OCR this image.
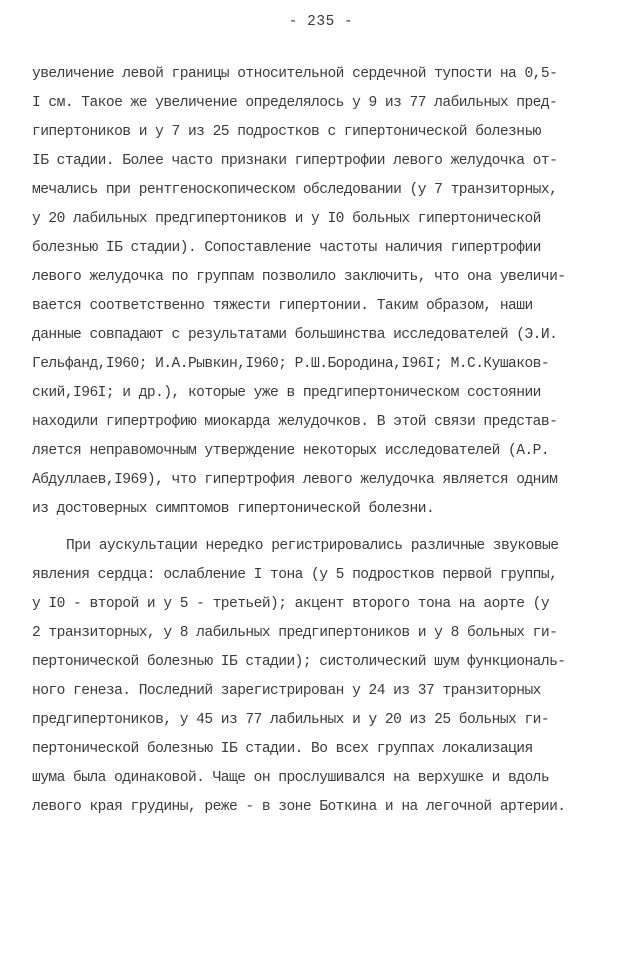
- 235 -
увеличение левой границы относительной сердечной тупости на 0,5-
I см. Такое же увеличение определялось у 9 из 77 лабильных пред-
гипертоников и у 7 из 25 подростков с гипертонической болезнью
IБ стадии. Более часто признаки гипертрофии левого желудочка от-
мечались при рентгеноскопическом обследовании (у 7 транзиторных,
у 20 лабильных предгипертоников и у I0 больных гипертонической
болезнью IБ стадии). Сопоставление частоты наличия гипертрофии
левого желудочка по группам позволило заключить, что она увеличи-
вается соответственно тяжести гипертонии. Таким образом, наши
данные совпадают с результатами большинства исследователей (Э.И.
Гельфанд,I960; И.А.Рывкин,I960; Р.Ш.Бородина,I96I; М.С.Кушаков-
ский,I96I; и др.), которые уже в предгипертоническом состоянии
находили гипертрофию миокарда желудочков. В этой связи представ-
ляется неправомочным утверждение некоторых исследователей (А.Р.
Абдуллаев,I969), что гипертрофия левого желудочка является одним
из достоверных симптомов гипертонической болезни.
При аускультации нередко регистрировались различные звуковые
явления сердца: ослабление I тона (у 5 подростков первой группы,
у I0 - второй и у 5 - третьей); акцент второго тона на аорте (у
2 транзиторных, у 8 лабильных предгипертоников и у 8 больных ги-
пертонической болезнью IБ стадии); систолический шум функциональ-
ного генеза. Последний зарегистрирован у 24 из 37 транзиторных
предгипертоников, у 45 из 77 лабильных и у 20 из 25 больных ги-
пертонической болезнью IБ стадии. Во всех группах локализация
шума была одинаковой. Чаще он прослушивался на верхушке и вдоль
левого края грудины, реже - в зоне Боткина и на легочной артерии.
